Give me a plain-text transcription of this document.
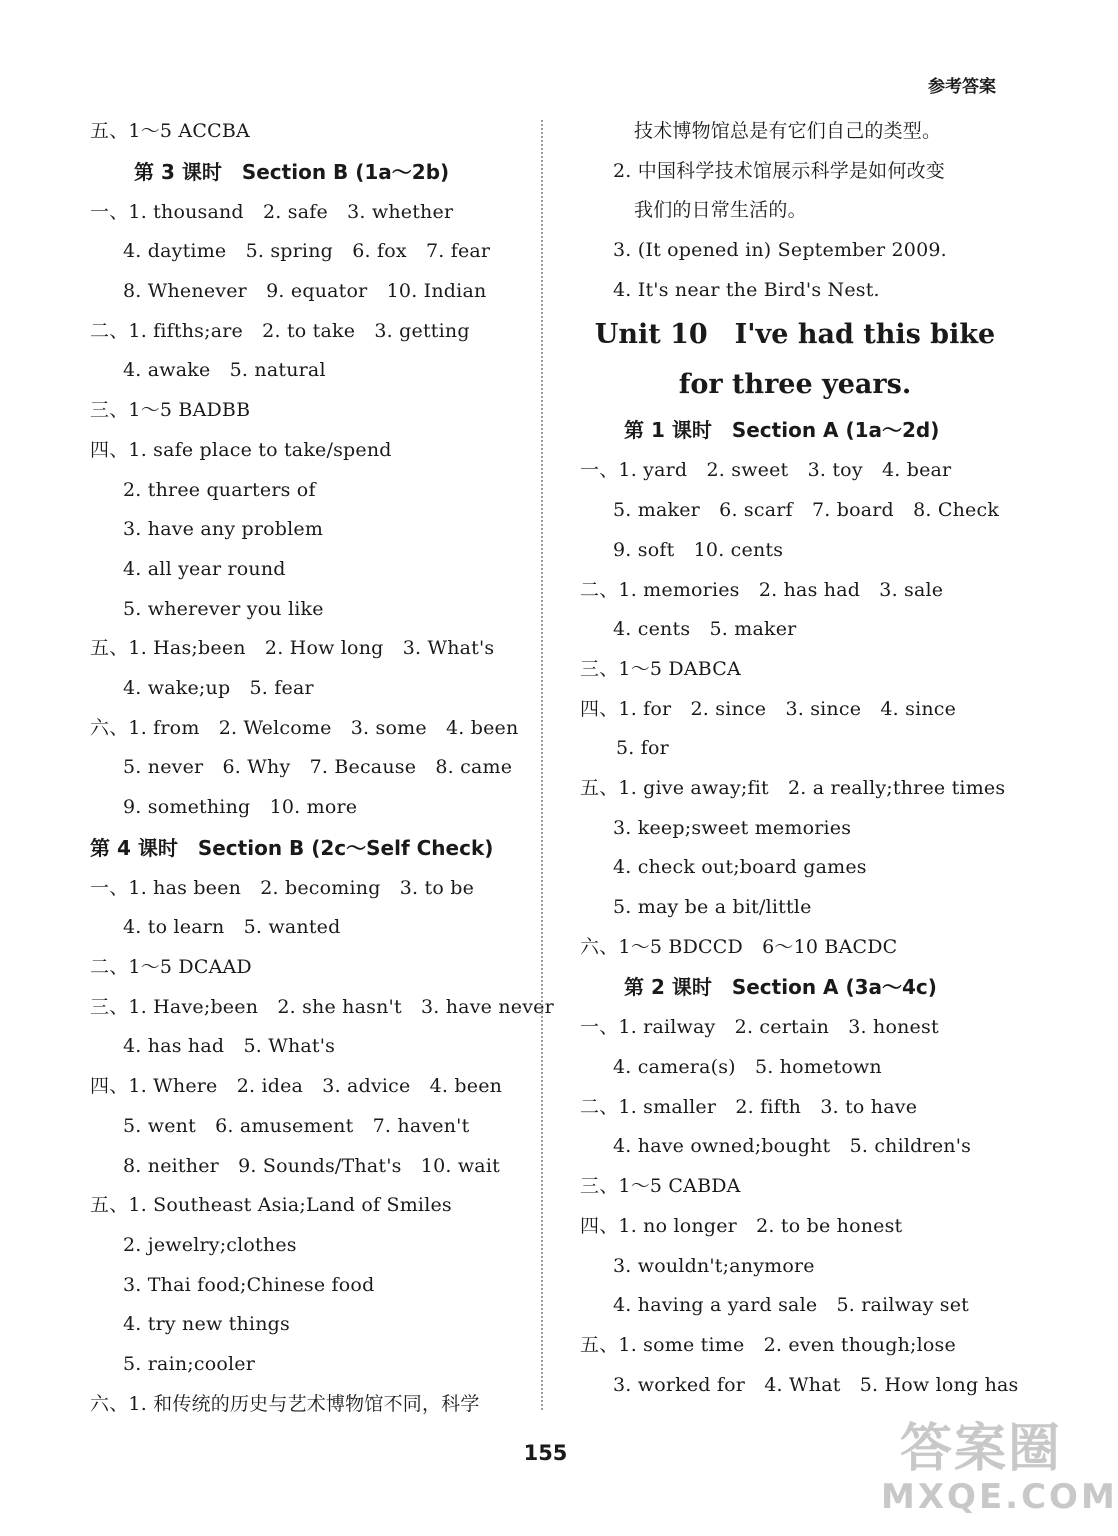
参考答案
五、1～5 ACCBA
第 3 课时　Section B (1a～2b)
一、1. thousand　2. safe　3. whether
4. daytime　5. spring　6. fox　7. fear
8. Whenever　9. equator　10. Indian
二、1. fifths;are　2. to take　3. getting
4. awake　5. natural
三、1～5 BADBB
四、1. safe place to take/spend
2. three quarters of
3. have any problem
4. all year round
5. wherever you like
五、1. Has;been　2. How long　3. What's
4. wake;up　5. fear
六、1. from　2. Welcome　3. some　4. been
5. never　6. Why　7. Because　8. came
9. something　10. more
第 4 课时　Section B (2c～Self Check)
一、1. has been　2. becoming　3. to be
4. to learn　5. wanted
二、1～5 DCAAD
三、1. Have;been　2. she hasn't　3. have never
4. has had　5. What's
四、1. Where　2. idea　3. advice　4. been
5. went　6. amusement　7. haven't
8. neither　9. Sounds/That's　10. wait
五、1. Southeast Asia;Land of Smiles
2. jewelry;clothes
3. Thai food;Chinese food
4. try new things
5. rain;cooler
六、1. 和传统的历史与艺术博物馆不同，科学
技术博物馆总是有它们自己的类型。
2. 中国科学技术馆展示科学是如何改变
我们的日常生活的。
3. (It opened in) September 2009.
4. It's near the Bird's Nest.
Unit 10　I've had this bike
for three years.
第 1 课时　Section A (1a～2d)
一、1. yard　2. sweet　3. toy　4. bear
5. maker　6. scarf　7. board　8. Check
9. soft　10. cents
二、1. memories　2. has had　3. sale
4. cents　5. maker
三、1～5 DABCA
四、1. for　2. since　3. since　4. since
5. for
五、1. give away;fit　2. a really;three times
3. keep;sweet memories
4. check out;board games
5. may be a bit/little
六、1～5 BDCCD　6～10 BACDC
第 2 课时　Section A (3a～4c)
一、1. railway　2. certain　3. honest
4. camera(s)　5. hometown
二、1. smaller　2. fifth　3. to have
4. have owned;bought　5. children's
三、1～5 CABDA
四、1. no longer　2. to be honest
3. wouldn't;anymore
4. having a yard sale　5. railway set
五、1. some time　2. even though;lose
3. worked for　4. What　5. How long has
155	答案圈
MXQE.COM
